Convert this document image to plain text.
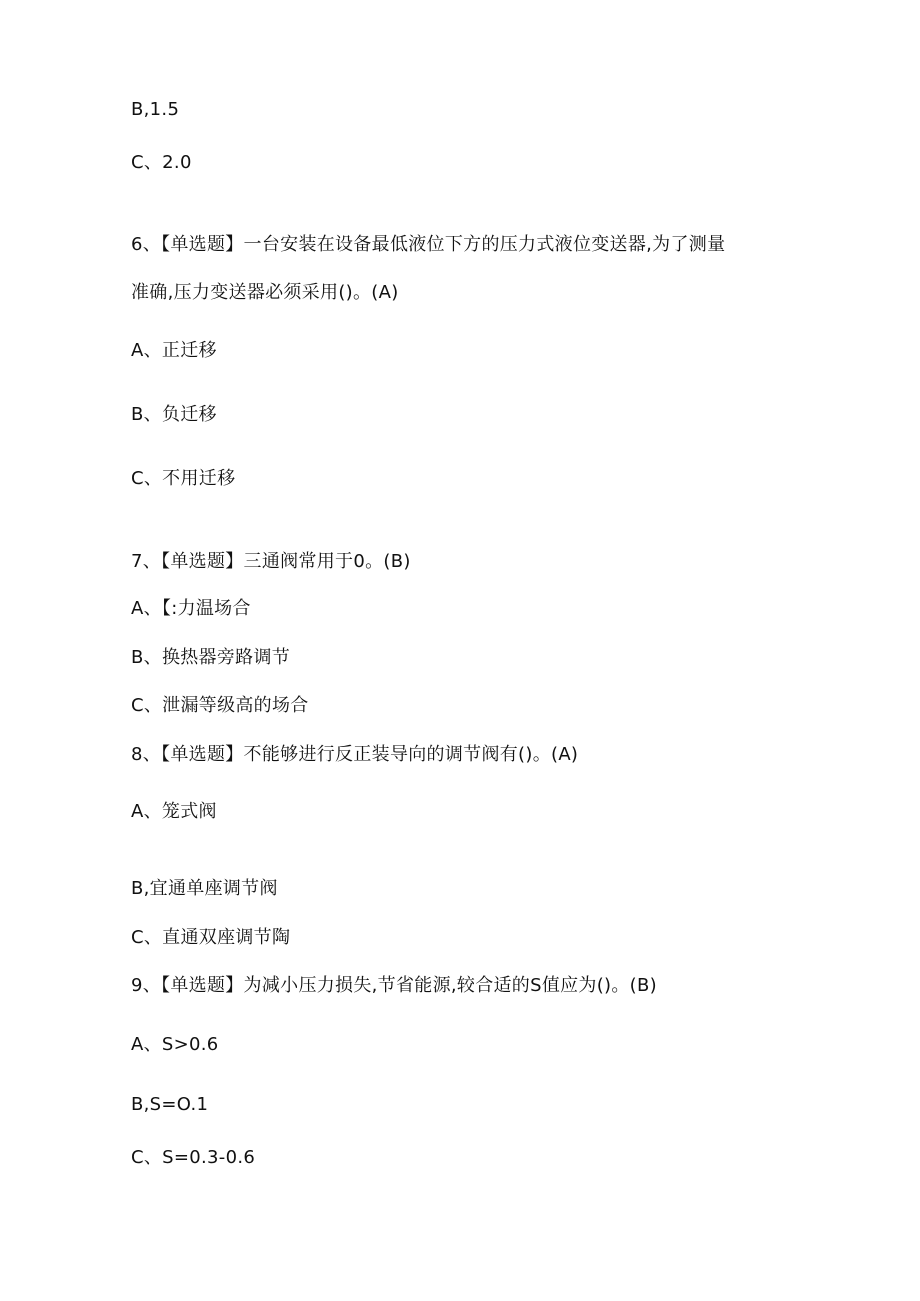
B,1.5
C、2.0
6、【单选题】一台安装在设备最低液位下方的压力式液位变送器,为了测量
准确,压力变送器必须采用()。(A)
A、正迁移
B、负迁移
C、不用迁移
7、【单选题】三通阀常用于0。(B)
A、【:力温场合
B、换热器旁路调节
C、泄漏等级高的场合
8、【单选题】不能够进行反正装导向的调节阀有()。(A)
A、笼式阀
B,宜通单座调节阀
C、直通双座调节陶
9、【单选题】为减小压力损失,节省能源,较合适的S值应为()。(B)
A、S>0.6
B,S=O.1
C、S=0.3-0.6
